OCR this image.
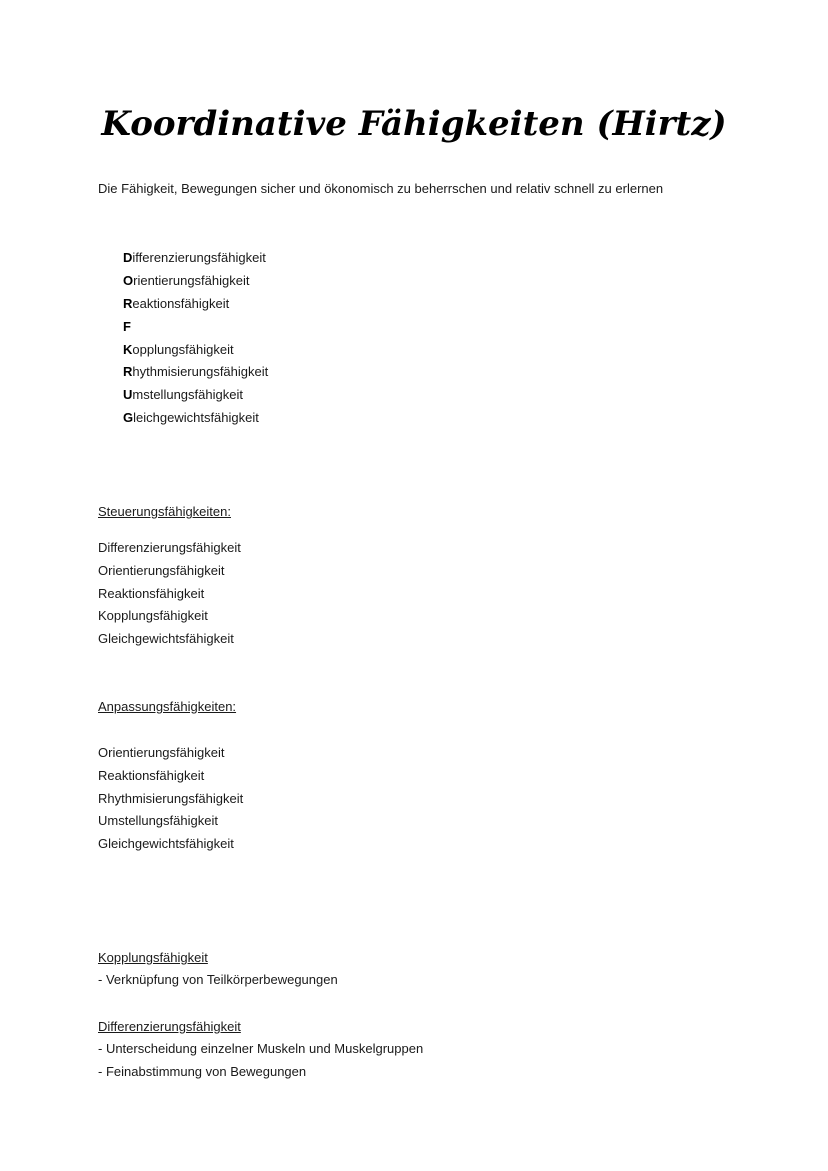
Koordinative Fähigkeiten (Hirtz)

Die Fähigkeit, Bewegungen sicher und ökonomisch zu beherrschen und relativ schnell zu erlernen

Differenzierungsfähigkeit
Orientierungsfähigkeit
Reaktionsfähigkeit
F
Kopplungsfähigkeit
Rhythmisierungsfähigkeit
Umstellungsfähigkeit
Gleichgewichtsfähigkeit

Steuerungsfähigkeiten:

Differenzierungsfähigkeit
Orientierungsfähigkeit
Reaktionsfähigkeit
Kopplungsfähigkeit
Gleichgewichtsfähigkeit

Anpassungsfähigkeiten:

Orientierungsfähigkeit
Reaktionsfähigkeit
Rhythmisierungsfähigkeit
Umstellungsfähigkeit
Gleichgewichtsfähigkeit

Kopplungsfähigkeit

- Verknüpfung von Teilkörperbewegungen

Differenzierungsfähigkeit

- Unterscheidung einzelner Muskeln und Muskelgruppen
- Feinabstimmung von Bewegungen
